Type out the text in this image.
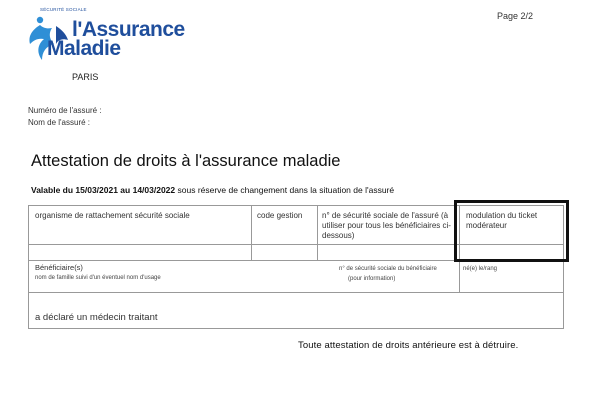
SÉCURITÉ SOCIALE
l'Assurance
Maladie
PARIS
Page 2/2
Numéro de l'assuré :
Nom de l'assuré :
Attestation de droits à l'assurance maladie
Valable du 15/03/2021 au 14/03/2022 sous réserve de changement dans la situation de l'assuré
organisme de rattachement sécurité sociale	code gestion	n° de sécurité sociale de l'assuré (à utiliser pour tous les bénéficiaires ci-dessous)
modulation du ticket modérateur
Bénéficiaire(s)
nom de famille suivi d'un éventuel nom d'usage
n° de sécurité sociale du bénéficiaire
(pour information)
né(e) le/rang
a déclaré un médecin traitant
Toute attestation de droits antérieure est à détruire.
